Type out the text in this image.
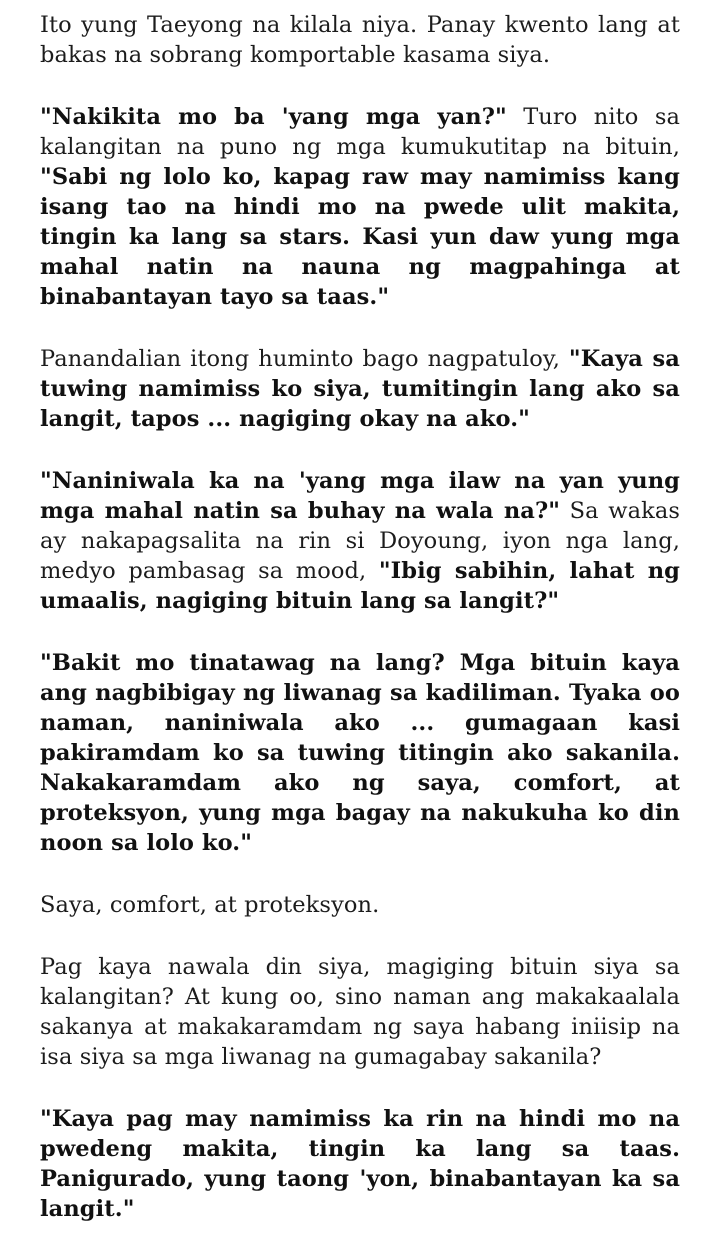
Ito yung Taeyong na kilala niya. Panay kwento lang at bakas na sobrang komportable kasama siya.

"Nakikita mo ba 'yang mga yan?" Turo nito sa kalangitan na puno ng mga kumukutitap na bituin, "Sabi ng lolo ko, kapag raw may namimiss kang isang tao na hindi mo na pwede ulit makita, tingin ka lang sa stars. Kasi yun daw yung mga mahal natin na nauna ng magpahinga at binabantayan tayo sa taas."

Panandalian itong huminto bago nagpatuloy, "Kaya sa tuwing namimiss ko siya, tumitingin lang ako sa langit, tapos ... nagiging okay na ako."

"Naniniwala ka na 'yang mga ilaw na yan yung mga mahal natin sa buhay na wala na?" Sa wakas ay nakapagsalita na rin si Doyoung, iyon nga lang, medyo pambasag sa mood, "Ibig sabihin, lahat ng umaalis, nagiging bituin lang sa langit?"

"Bakit mo tinatawag na lang? Mga bituin kaya ang nagbibigay ng liwanag sa kadiliman. Tyaka oo naman, naniniwala ako ... gumagaan kasi pakiramdam ko sa tuwing titingin ako sakanila. Nakakaramdam ako ng saya, comfort, at proteksyon, yung mga bagay na nakukuha ko din noon sa lolo ko."

Saya, comfort, at proteksyon.

Pag kaya nawala din siya, magiging bituin siya sa kalangitan? At kung oo, sino naman ang makakaalala sakanya at makakaramdam ng saya habang iniisip na isa siya sa mga liwanag na gumagabay sakanila?

"Kaya pag may namimiss ka rin na hindi mo na pwedeng makita, tingin ka lang sa taas. Panigurado, yung taong 'yon, binabantayan ka sa langit."
